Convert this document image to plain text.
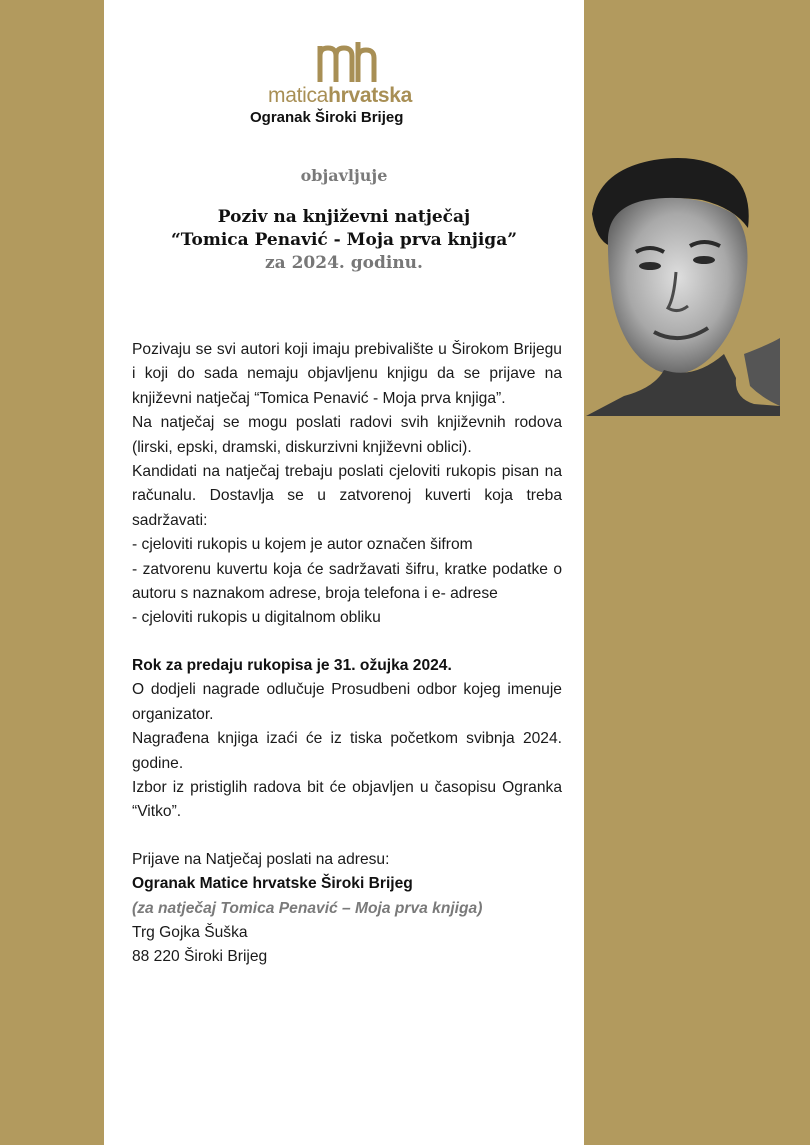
maticahrvatska
Ogranak Široki Brijeg
objavljuje
Poziv na književni natječaj
“Tomica Penavić - Moja prva knjiga”
za 2024. godinu.

Pozivaju se svi autori koji imaju prebivalište u Širokom Brijegu i koji do sada nemaju objavljenu knjigu da se prijave na književni natječaj “Tomica Penavić - Moja prva knjiga”.

Na natječaj se mogu poslati radovi svih književnih rodova (lirski, epski, dramski, diskurzivni književni oblici).

Kandidati na natječaj trebaju poslati cjeloviti rukopis pisan na računalu. Dostavlja se u zatvorenoj kuverti koja treba sadržavati:

- cjeloviti rukopis u kojem je autor označen šifrom

- zatvorenu kuvertu koja će sadržavati šifru, kratke podatke o autoru s naznakom adrese, broja telefona i e- adrese

- cjeloviti rukopis u digitalnom obliku

Rok za predaju rukopisa je 31. ožujka 2024.

O dodjeli nagrade odlučuje Prosudbeni odbor kojeg imenuje organizator.

Nagrađena knjiga izaći će iz tiska početkom svibnja 2024. godine.

Izbor iz pristiglih radova bit će objavljen u časopisu Ogranka “Vitko”.

Prijave na Natječaj poslati na adresu:

Ogranak Matice hrvatske Široki Brijeg

(za natječaj Tomica Penavić – Moja prva knjiga)

Trg Gojka Šuška

88 220 Široki Brijeg
